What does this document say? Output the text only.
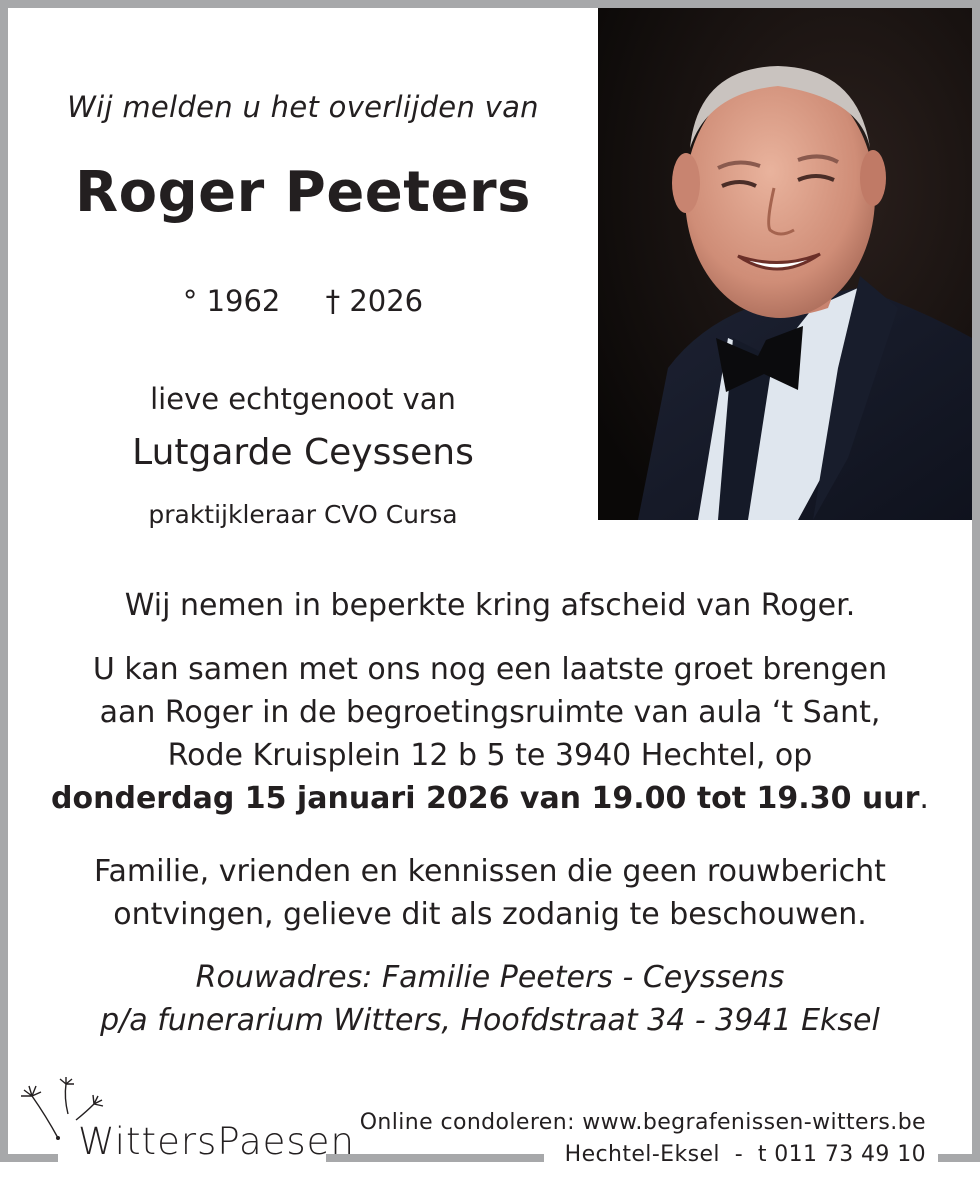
Wij melden u het overlijden van
Roger Peeters
° 1962 † 2026
lieve echtgenoot van
Lutgarde Ceyssens
praktijkleraar CVO Cursa
Wij nemen in beperkte kring afscheid van Roger.
U kan samen met ons nog een laatste groet brengen
aan Roger in de begroetingsruimte van aula ‘t Sant,
Rode Kruisplein 12 b 5 te 3940 Hechtel, op
donderdag 15 januari 2026 van 19.00 tot 19.30 uur.
Familie, vrienden en kennissen die geen rouwbericht
ontvingen, gelieve dit als zodanig te beschouwen.
Rouwadres: Familie Peeters - Ceyssens
p/a funerarium Witters, Hoofdstraat 34 - 3941 Eksel
WittersPaesen Online condoleren: www.begrafenissen-witters.be
Hechtel-Eksel  -  t 011 73 49 10
